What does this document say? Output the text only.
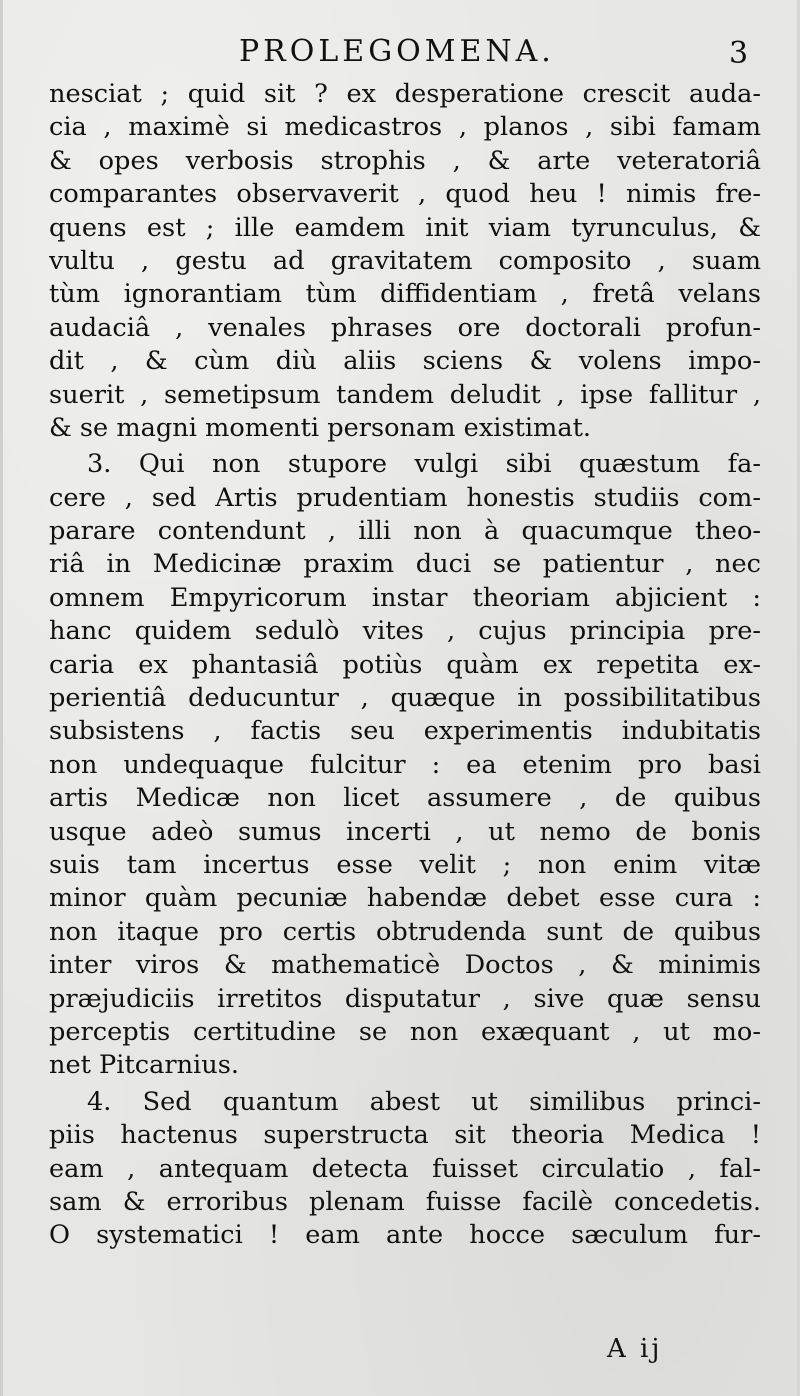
PROLEGOMENA.	3
nesciat ; quid sit ? ex desperatione crescit auda-
cia , maximè si medicastros , planos , sibi famam
& opes verbosis strophis , & arte veteratoriâ
comparantes observaverit , quod heu ! nimis fre-
quens est ; ille eamdem init viam tyrunculus, &
vultu , gestu ad gravitatem composito , suam
tùm ignorantiam tùm diffidentiam , fretâ velans
audaciâ , venales phrases ore doctorali profun-
dit , & cùm diù aliis sciens & volens impo-
suerit , semetipsum tandem deludit , ipse fallitur ,
& se magni momenti personam existimat.
3. Qui non stupore vulgi sibi quæstum fa-
cere , sed Artis prudentiam honestis studiis com-
parare contendunt , illi non à quacumque theo-
riâ in Medicinæ praxim duci se patientur , nec
omnem Empyricorum instar theoriam abjicient :
hanc quidem sedulò vites , cujus principia pre-
caria ex phantasiâ potiùs quàm ex repetita ex-
perientiâ deducuntur , quæque in possibilitatibus
subsistens , factis seu experimentis indubitatis
non undequaque fulcitur : ea etenim pro basi
artis Medicæ non licet assumere , de quibus
usque adeò sumus incerti , ut nemo de bonis
suis tam incertus esse velit ; non enim vitæ
minor quàm pecuniæ habendæ debet esse cura :
non itaque pro certis obtrudenda sunt de quibus
inter viros & mathematicè Doctos , & minimis
præjudiciis irretitos disputatur , sive quæ sensu
perceptis certitudine se non exæquant , ut mo-
net Pitcarnius.
4. Sed quantum abest ut similibus princi-
piis hactenus superstructa sit theoria Medica !
eam , antequam detecta fuisset circulatio , fal-
sam & erroribus plenam fuisse facilè concedetis.
O systematici ! eam ante hocce sæculum fur-
A ij
